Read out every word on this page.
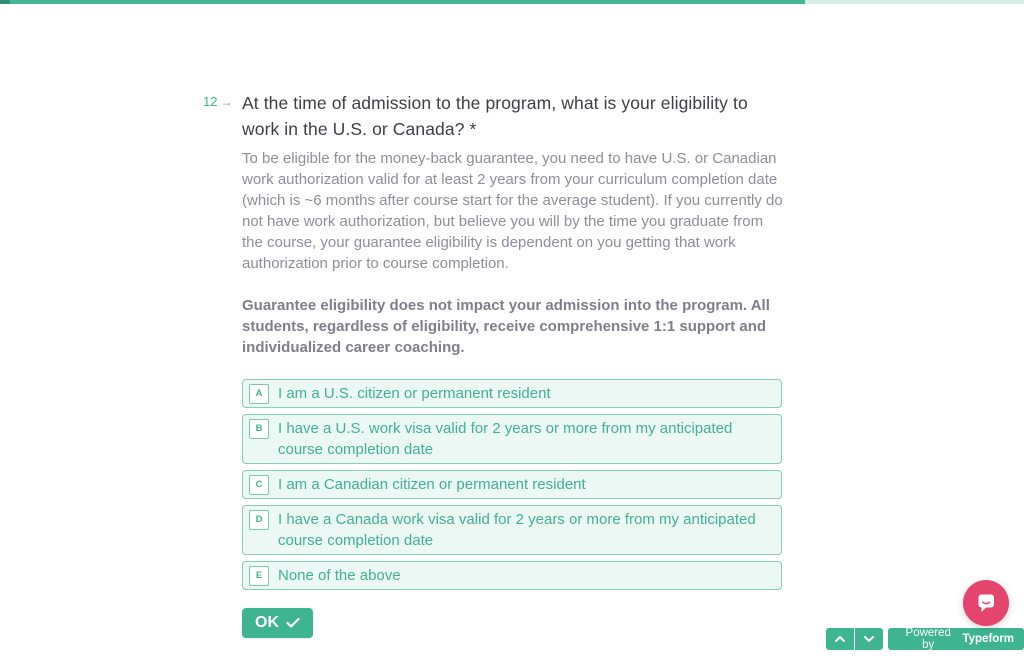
12 → At the time of admission to the program, what is your eligibility to work in the U.S. or Canada? *

To be eligible for the money-back guarantee, you need to have U.S. or Canadian work authorization valid for at least 2 years from your curriculum completion date (which is ~6 months after course start for the average student). If you currently do not have work authorization, but believe you will by the time you graduate from the course, your guarantee eligibility is dependent on you getting that work authorization prior to course completion.

Guarantee eligibility does not impact your admission into the program. All students, regardless of eligibility, receive comprehensive 1:1 support and individualized career coaching.

A	I am a U.S. citizen or permanent resident
B	I have a U.S. work visa valid for 2 years or more from my anticipated course completion date
C	I am a Canadian citizen or permanent resident
D	I have a Canada work visa valid for 2 years or more from my anticipated course completion date
E	None of the above
OK
Powered by	Typeform
